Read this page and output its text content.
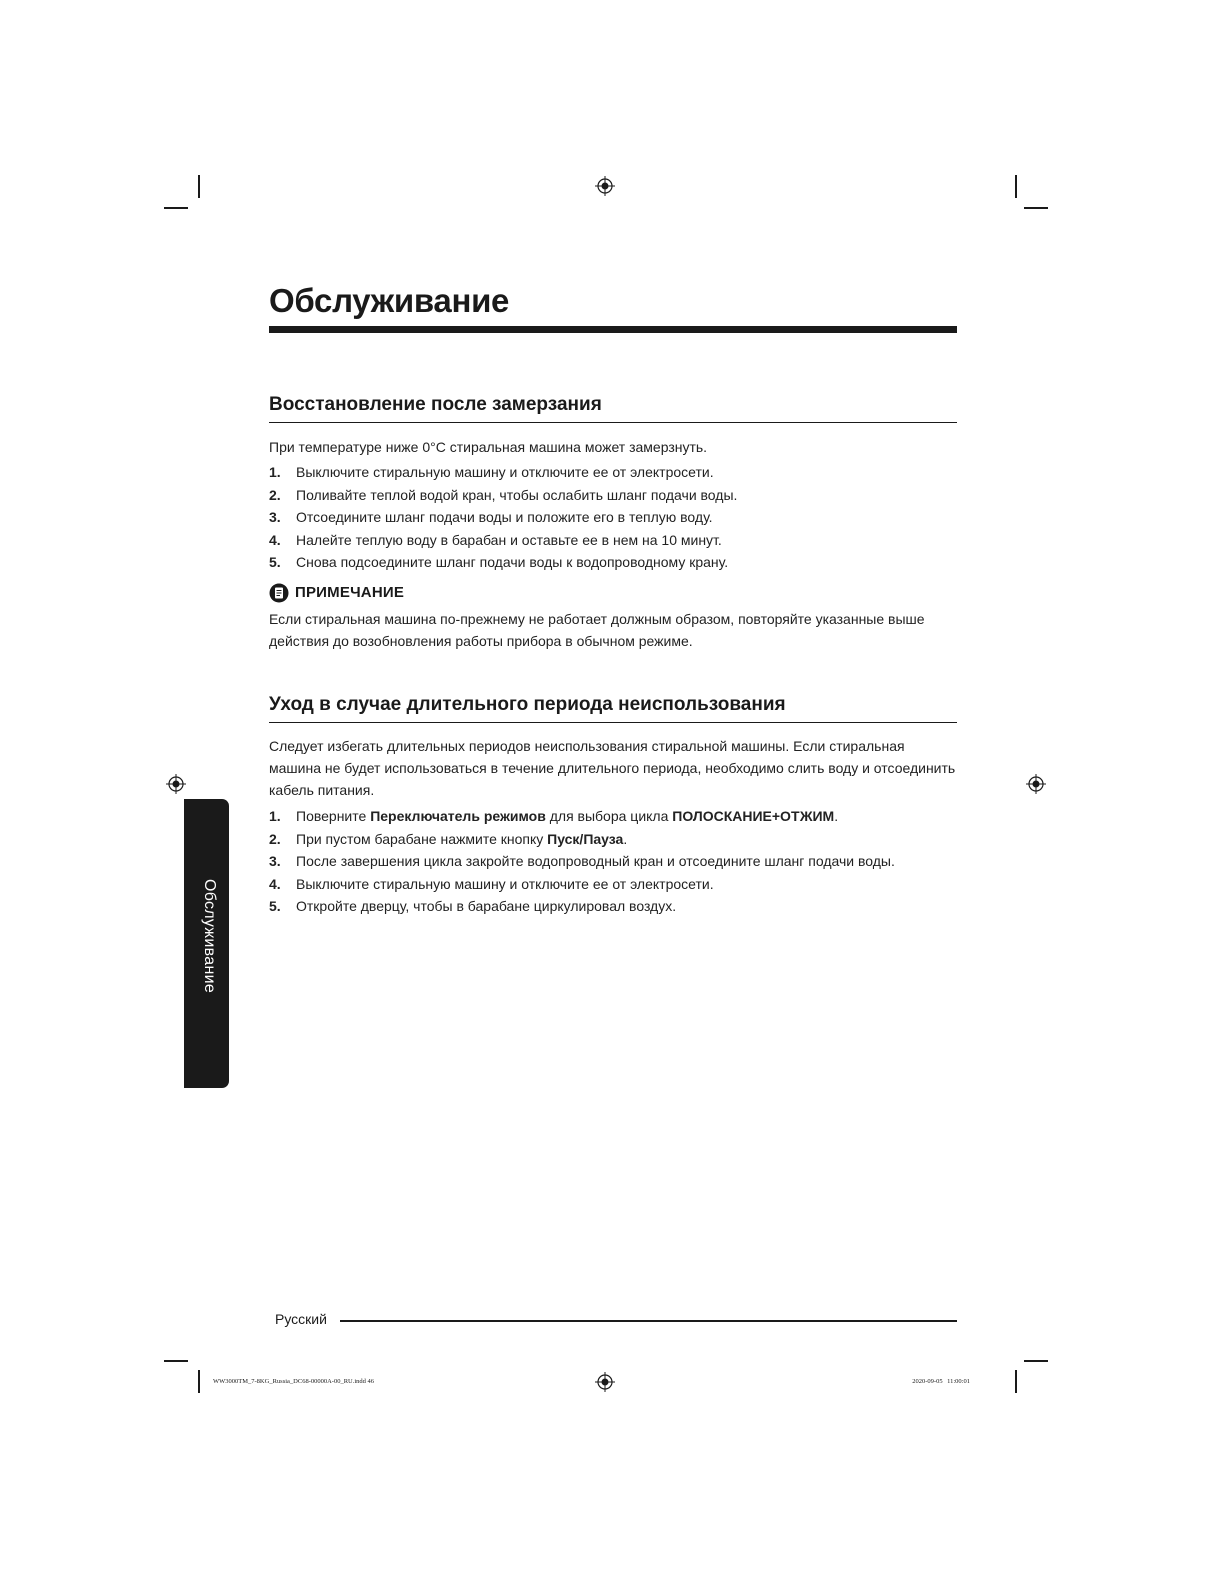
Обслуживание
Восстановление после замерзания

При температуре ниже 0°C стиральная машина может замерзнуть.

1. Выключите стиральную машину и отключите ее от электросети.
2. Поливайте теплой водой кран, чтобы ослабить шланг подачи воды.
3. Отсоедините шланг подачи воды и положите его в теплую воду.
4. Налейте теплую воду в барабан и оставьте ее в нем на 10 минут.
5. Снова подсоедините шланг подачи воды к водопроводному крану.
ПРИМЕЧАНИЕ

Если стиральная машина по-прежнему не работает должным образом, повторяйте указанные выше действия до возобновления работы прибора в обычном режиме.

Уход в случае длительного периода неиспользования

Следует избегать длительных периодов неиспользования стиральной машины. Если стиральная машина не будет использоваться в течение длительного периода, необходимо слить воду и отсоединить кабель питания.

1. Поверните Переключатель режимов для выбора цикла ПОЛОСКАНИЕ+ОТЖИМ.
2. При пустом барабане нажмите кнопку Пуск/Пауза.
3. После завершения цикла закройте водопроводный кран и отсоедините шланг подачи воды.
4. Выключите стиральную машину и отключите ее от электросети.
5. Откройте дверцу, чтобы в барабане циркулировал воздух.
Обслуживание
Русский
WW3000TM_7-8KG_Russia_DC68-00000A-00_RU.indd 46	2020-09-05   11:00:01
